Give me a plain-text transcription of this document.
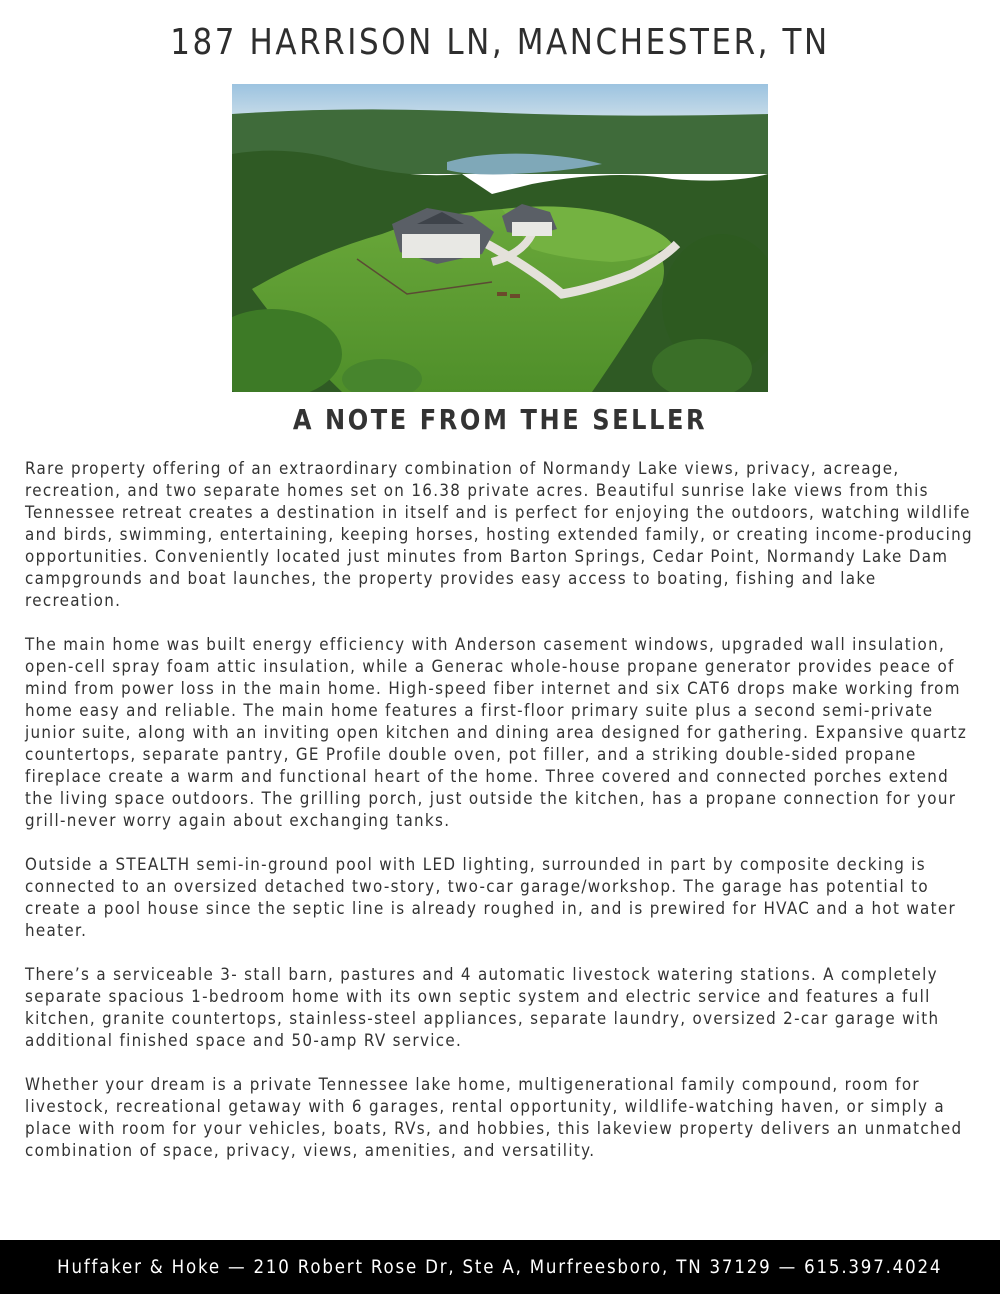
187 HARRISON LN, MANCHESTER, TN
A NOTE FROM THE SELLER

Rare property offering of an extraordinary combination of Normandy Lake views, privacy, acreage, recreation, and two separate homes set on 16.38 private acres. Beautiful sunrise lake views from this Tennessee retreat creates a destination in itself and is perfect for enjoying the outdoors, watching wildlife and birds, swimming, entertaining, keeping horses, hosting extended family, or creating income-producing opportunities. Conveniently located just minutes from Barton Springs, Cedar Point, Normandy Lake Dam campgrounds and boat launches, the property provides easy access to boating, fishing and lake recreation.

The main home was built energy efficiency with Anderson casement windows, upgraded wall insulation, open-cell spray foam attic insulation, while a Generac whole-house propane generator provides peace of mind from power loss in the main home. High-speed fiber internet and six CAT6 drops make working from home easy and reliable. The main home features a first-floor primary suite plus a second semi-private junior suite, along with an inviting open kitchen and dining area designed for gathering. Expansive quartz countertops, separate pantry, GE Profile double oven, pot filler, and a striking double-sided propane fireplace create a warm and functional heart of the home. Three covered and connected porches extend the living space outdoors. The grilling porch, just outside the kitchen, has a propane connection for your grill-never worry again about exchanging tanks.

Outside a STEALTH semi-in-ground pool with LED lighting, surrounded in part by composite decking is connected to an oversized detached two-story, two-car garage/workshop. The garage has potential to create a pool house since the septic line is already roughed in, and is prewired for HVAC and a hot water heater.

There’s a serviceable 3- stall barn, pastures and 4 automatic livestock watering stations. A completely separate spacious 1-bedroom home with its own septic system and electric service and features a full kitchen, granite countertops, stainless-steel appliances, separate laundry, oversized 2-car garage with additional finished space and 50-amp RV service.

Whether your dream is a private Tennessee lake home, multigenerational family compound, room for livestock, recreational getaway with 6 garages, rental opportunity, wildlife-watching haven, or simply a place with room for your vehicles, boats, RVs, and hobbies, this lakeview property delivers an unmatched combination of space, privacy, views, amenities, and versatility.

Huffaker & Hoke — 210 Robert Rose Dr, Ste A, Murfreesboro, TN 37129 — 615.397.4024
